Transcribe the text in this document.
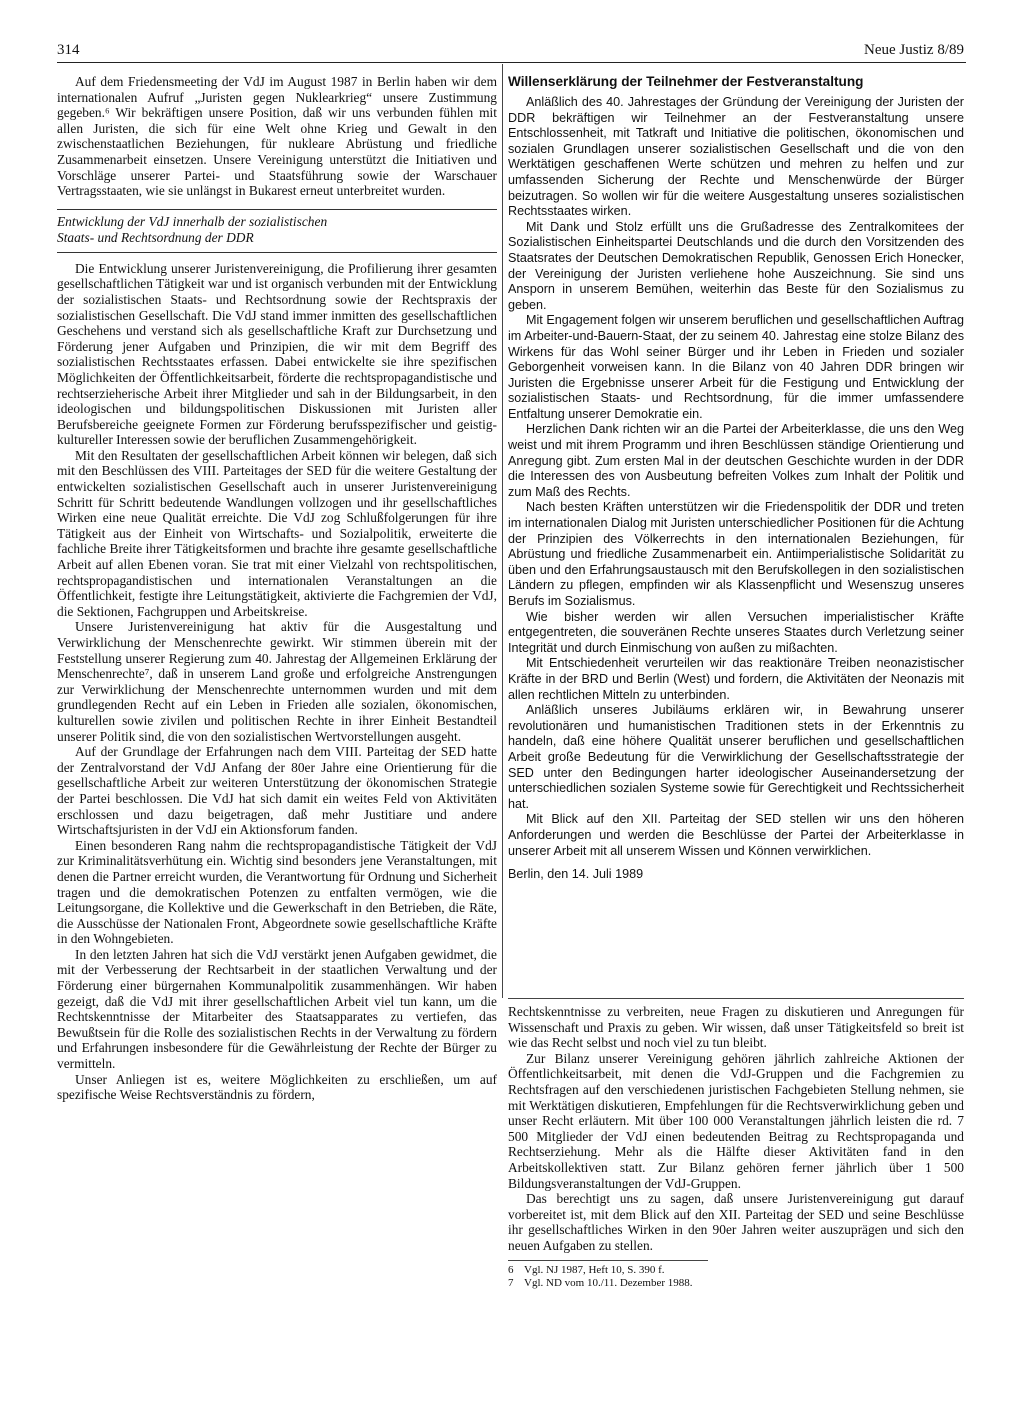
314	Neue Justiz 8/89

Auf dem Friedensmeeting der VdJ im August 1987 in Berlin haben wir dem internationalen Aufruf „Juristen gegen Nuklearkrieg“ unsere Zustimmung gegeben.⁶ Wir bekräftigen unsere Position, daß wir uns verbunden fühlen mit allen Juristen, die sich für eine Welt ohne Krieg und Gewalt in den zwischenstaatlichen Beziehungen, für nukleare Abrüstung und friedliche Zusammenarbeit einsetzen. Unsere Vereinigung unterstützt die Initiativen und Vorschläge unserer Partei- und Staatsführung sowie der Warschauer Vertragsstaaten, wie sie unlängst in Bukarest erneut unterbreitet wurden.

Entwicklung der VdJ innerhalb der sozialistischen
Staats- und Rechtsordnung der DDR

Die Entwicklung unserer Juristenvereinigung, die Profilierung ihrer gesamten gesellschaftlichen Tätigkeit war und ist organisch verbunden mit der Entwicklung der sozialistischen Staats- und Rechtsordnung sowie der Rechtspraxis der sozialistischen Gesellschaft. Die VdJ stand immer inmitten des gesellschaftlichen Geschehens und verstand sich als gesellschaftliche Kraft zur Durchsetzung und Förderung jener Aufgaben und Prinzipien, die wir mit dem Begriff des sozialistischen Rechtsstaates erfassen. Dabei entwickelte sie ihre spezifischen Möglichkeiten der Öffentlichkeitsarbeit, förderte die rechtspropagandistische und rechtserzieherische Arbeit ihrer Mitglieder und sah in der Bildungsarbeit, in den ideologischen und bildungspolitischen Diskussionen mit Juristen aller Berufsbereiche geeignete Formen zur Förderung berufsspezifischer und geistig-kultureller Interessen sowie der beruflichen Zusammengehörigkeit.

Mit den Resultaten der gesellschaftlichen Arbeit können wir belegen, daß sich mit den Beschlüssen des VIII. Parteitages der SED für die weitere Gestaltung der entwickelten sozialistischen Gesellschaft auch in unserer Juristenvereinigung Schritt für Schritt bedeutende Wandlungen vollzogen und ihr gesellschaftliches Wirken eine neue Qualität erreichte. Die VdJ zog Schlußfolgerungen für ihre Tätigkeit aus der Einheit von Wirtschafts- und Sozialpolitik, erweiterte die fachliche Breite ihrer Tätigkeitsformen und brachte ihre gesamte gesellschaftliche Arbeit auf allen Ebenen voran. Sie trat mit einer Vielzahl von rechtspolitischen, rechtspropagandistischen und internationalen Veranstaltungen an die Öffentlichkeit, festigte ihre Leitungstätigkeit, aktivierte die Fachgremien der VdJ, die Sektionen, Fachgruppen und Arbeitskreise.

Unsere Juristenvereinigung hat aktiv für die Ausgestaltung und Verwirklichung der Menschenrechte gewirkt. Wir stimmen überein mit der Feststellung unserer Regierung zum 40. Jahrestag der Allgemeinen Erklärung der Menschenrechte⁷, daß in unserem Land große und erfolgreiche Anstrengungen zur Verwirklichung der Menschenrechte unternommen wurden und mit dem grundlegenden Recht auf ein Leben in Frieden alle sozialen, ökonomischen, kulturellen sowie zivilen und politischen Rechte in ihrer Einheit Bestandteil unserer Politik sind, die von den sozialistischen Wertvorstellungen ausgeht.

Auf der Grundlage der Erfahrungen nach dem VIII. Parteitag der SED hatte der Zentralvorstand der VdJ Anfang der 80er Jahre eine Orientierung für die gesellschaftliche Arbeit zur weiteren Unterstützung der ökonomischen Strategie der Partei beschlossen. Die VdJ hat sich damit ein weites Feld von Aktivitäten erschlossen und dazu beigetragen, daß mehr Justitiare und andere Wirtschaftsjuristen in der VdJ ein Aktionsforum fanden.

Einen besonderen Rang nahm die rechtspropagandistische Tätigkeit der VdJ zur Kriminalitätsverhütung ein. Wichtig sind besonders jene Veranstaltungen, mit denen die Partner erreicht wurden, die Verantwortung für Ordnung und Sicherheit tragen und die demokratischen Potenzen zu entfalten vermögen, wie die Leitungsorgane, die Kollektive und die Gewerkschaft in den Betrieben, die Räte, die Ausschüsse der Nationalen Front, Abgeordnete sowie gesellschaftliche Kräfte in den Wohngebieten.

In den letzten Jahren hat sich die VdJ verstärkt jenen Aufgaben gewidmet, die mit der Verbesserung der Rechtsarbeit in der staatlichen Verwaltung und der Förderung einer bürgernahen Kommunalpolitik zusammenhängen. Wir haben gezeigt, daß die VdJ mit ihrer gesellschaftlichen Arbeit viel tun kann, um die Rechtskenntnisse der Mitarbeiter des Staatsapparates zu vertiefen, das Bewußtsein für die Rolle des sozialistischen Rechts in der Verwaltung zu fördern und Erfahrungen insbesondere für die Gewährleistung der Rechte der Bürger zu vermitteln.

Unser Anliegen ist es, weitere Möglichkeiten zu erschließen, um auf spezifische Weise Rechtsverständnis zu fördern,

Willenserklärung der Teilnehmer der Festveranstaltung

Anläßlich des 40. Jahrestages der Gründung der Vereinigung der Juristen der DDR bekräftigen wir Teilnehmer an der Festveranstaltung unsere Entschlossenheit, mit Tatkraft und Initiative die politischen, ökonomischen und sozialen Grundlagen unserer sozialistischen Gesellschaft und die von den Werktätigen geschaffenen Werte schützen und mehren zu helfen und zur umfassenden Sicherung der Rechte und Menschenwürde der Bürger beizutragen. So wollen wir für die weitere Ausgestaltung unseres sozialistischen Rechtsstaates wirken.

Mit Dank und Stolz erfüllt uns die Grußadresse des Zentralkomitees der Sozialistischen Einheitspartei Deutschlands und die durch den Vorsitzenden des Staatsrates der Deutschen Demokratischen Republik, Genossen Erich Honecker, der Vereinigung der Juristen verliehene hohe Auszeichnung. Sie sind uns Ansporn in unserem Bemühen, weiterhin das Beste für den Sozialismus zu geben.

Mit Engagement folgen wir unserem beruflichen und gesellschaftlichen Auftrag im Arbeiter-und-Bauern-Staat, der zu seinem 40. Jahrestag eine stolze Bilanz des Wirkens für das Wohl seiner Bürger und ihr Leben in Frieden und sozialer Geborgenheit vorweisen kann. In die Bilanz von 40 Jahren DDR bringen wir Juristen die Ergebnisse unserer Arbeit für die Festigung und Entwicklung der sozialistischen Staats- und Rechtsordnung, für die immer umfassendere Entfaltung unserer Demokratie ein.

Herzlichen Dank richten wir an die Partei der Arbeiterklasse, die uns den Weg weist und mit ihrem Programm und ihren Beschlüssen ständige Orientierung und Anregung gibt. Zum ersten Mal in der deutschen Geschichte wurden in der DDR die Interessen des von Ausbeutung befreiten Volkes zum Inhalt der Politik und zum Maß des Rechts.

Nach besten Kräften unterstützen wir die Friedenspolitik der DDR und treten im internationalen Dialog mit Juristen unterschiedlicher Positionen für die Achtung der Prinzipien des Völkerrechts in den internationalen Beziehungen, für Abrüstung und friedliche Zusammenarbeit ein. Antiimperialistische Solidarität zu üben und den Erfahrungsaustausch mit den Berufskollegen in den sozialistischen Ländern zu pflegen, empfinden wir als Klassenpflicht und Wesenszug unseres Berufs im Sozialismus.

Wie bisher werden wir allen Versuchen imperialistischer Kräfte entgegentreten, die souveränen Rechte unseres Staates durch Verletzung seiner Integrität und durch Einmischung von außen zu mißachten.

Mit Entschiedenheit verurteilen wir das reaktionäre Treiben neonazistischer Kräfte in der BRD und Berlin (West) und fordern, die Aktivitäten der Neonazis mit allen rechtlichen Mitteln zu unterbinden.

Anläßlich unseres Jubiläums erklären wir, in Bewahrung unserer revolutionären und humanistischen Traditionen stets in der Erkenntnis zu handeln, daß eine höhere Qualität unserer beruflichen und gesellschaftlichen Arbeit große Bedeutung für die Verwirklichung der Gesellschaftsstrategie der SED unter den Bedingungen harter ideologischer Auseinandersetzung der unterschiedlichen sozialen Systeme sowie für Gerechtigkeit und Rechtssicherheit hat.

Mit Blick auf den XII. Parteitag der SED stellen wir uns den höheren Anforderungen und werden die Beschlüsse der Partei der Arbeiterklasse in unserer Arbeit mit all unserem Wissen und Können verwirklichen.

Berlin, den 14. Juli 1989

Rechtskenntnisse zu verbreiten, neue Fragen zu diskutieren und Anregungen für Wissenschaft und Praxis zu geben. Wir wissen, daß unser Tätigkeitsfeld so breit ist wie das Recht selbst und noch viel zu tun bleibt.

Zur Bilanz unserer Vereinigung gehören jährlich zahlreiche Aktionen der Öffentlichkeitsarbeit, mit denen die VdJ-Gruppen und die Fachgremien zu Rechtsfragen auf den verschiedenen juristischen Fachgebieten Stellung nehmen, sie mit Werktätigen diskutieren, Empfehlungen für die Rechtsverwirklichung geben und unser Recht erläutern. Mit über 100 000 Veranstaltungen jährlich leisten die rd. 7 500 Mitglieder der VdJ einen bedeutenden Beitrag zu Rechtspropaganda und Rechtserziehung. Mehr als die Hälfte dieser Aktivitäten fand in den Arbeitskollektiven statt. Zur Bilanz gehören ferner jährlich über 1 500 Bildungsveranstaltungen der VdJ-Gruppen.

Das berechtigt uns zu sagen, daß unsere Juristenvereinigung gut darauf vorbereitet ist, mit dem Blick auf den XII. Parteitag der SED und seine Beschlüsse ihr gesellschaftliches Wirken in den 90er Jahren weiter auszuprägen und sich den neuen Aufgaben zu stellen.

6 Vgl. NJ 1987, Heft 10, S. 390 f.
7 Vgl. ND vom 10./11. Dezember 1988.
